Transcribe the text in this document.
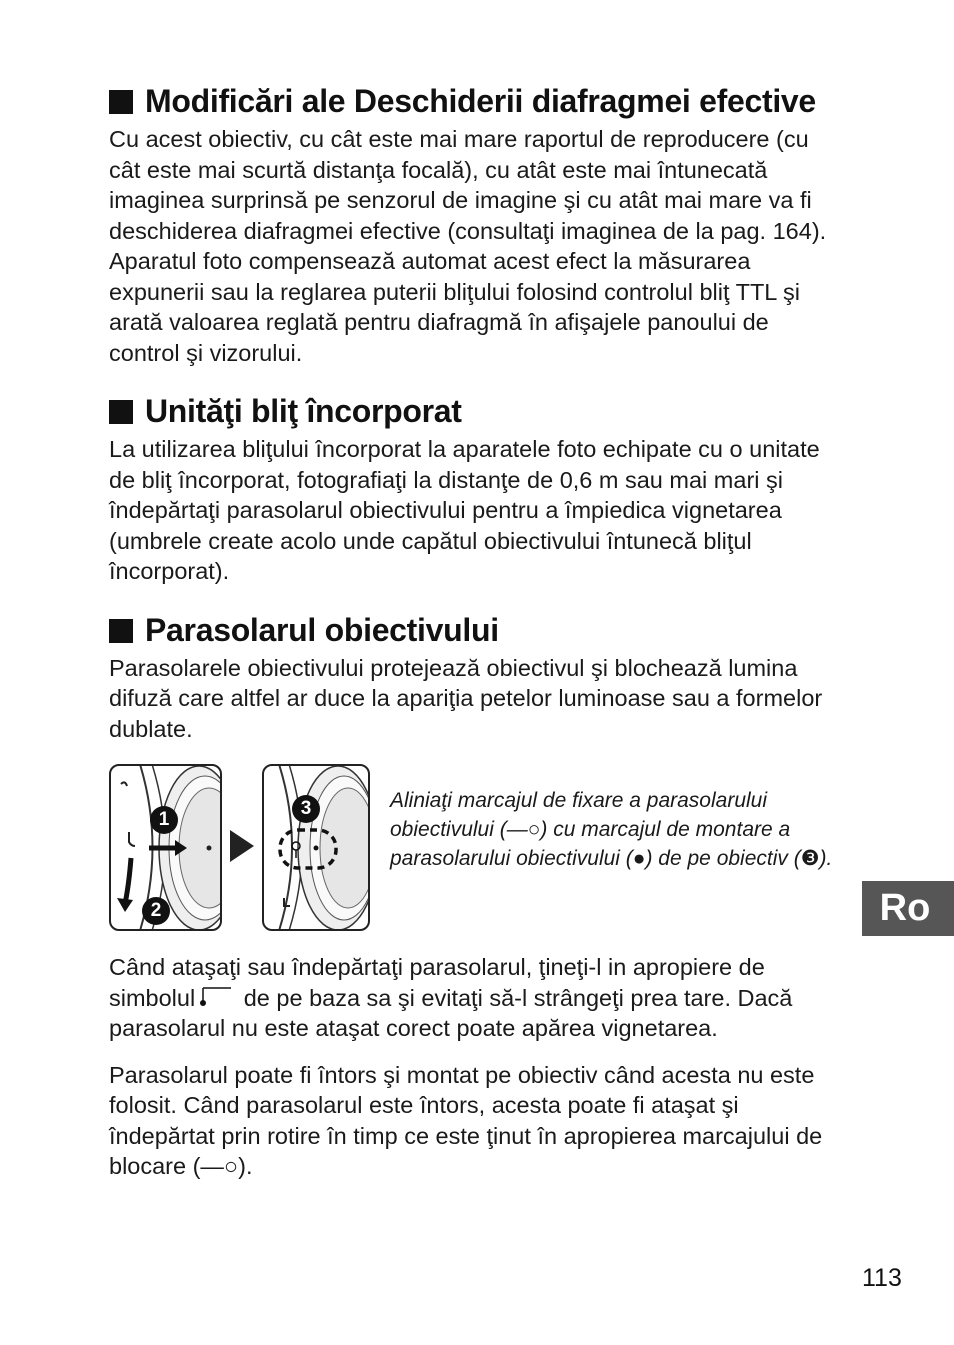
Modificări ale Deschiderii diafragmei efective

Cu acest obiectiv, cu cât este mai mare raportul de reproducere (cu cât este mai scurtă distanţa focală), cu atât este mai întunecată imaginea surprinsă pe senzorul de imagine şi cu atât mai mare va fi deschiderea diafragmei efective (consultaţi imaginea de la pag. 164). Aparatul foto compensează automat acest efect la măsurarea expunerii sau la reglarea puterii bliţului folosind controlul bliţ TTL şi arată valoarea reglată pentru diafragmă în afişajele panoului de control şi vizorului.

Unităţi bliţ încorporat

La utilizarea bliţului încorporat la aparatele foto echipate cu o unitate de bliţ încorporat, fotografiaţi la distanţe de 0,6 m sau mai mari şi îndepărtaţi parasolarul obiectivului pentru a împiedica vignetarea (umbrele create acolo unde capătul obiectivului întunecă bliţul încorporat).

Parasolarul obiectivului

Parasolarele obiectivului protejează obiectivul şi blochează lumina difuză care altfel ar duce la apariţia petelor luminoase sau a formelor dublate.

1
2
3	Aliniaţi marcajul de fixare a parasolarului obiectivului (—○) cu marcajul de montare a parasolarului obiectivului (●) de pe obiectiv (❸).

Când ataşaţi sau îndepărtaţi parasolarul, ţineţi-l in apropiere de simbolul de pe baza sa şi evitaţi să-l strângeţi prea tare. Dacă parasolarul nu este ataşat corect poate apărea vignetarea.

Parasolarul poate fi întors şi montat pe obiectiv când acesta nu este folosit. Când parasolarul este întors, acesta poate fi ataşat şi îndepărtat prin rotire în timp ce este ţinut în apropierea marcajului de blocare (—○).

Ro
113
